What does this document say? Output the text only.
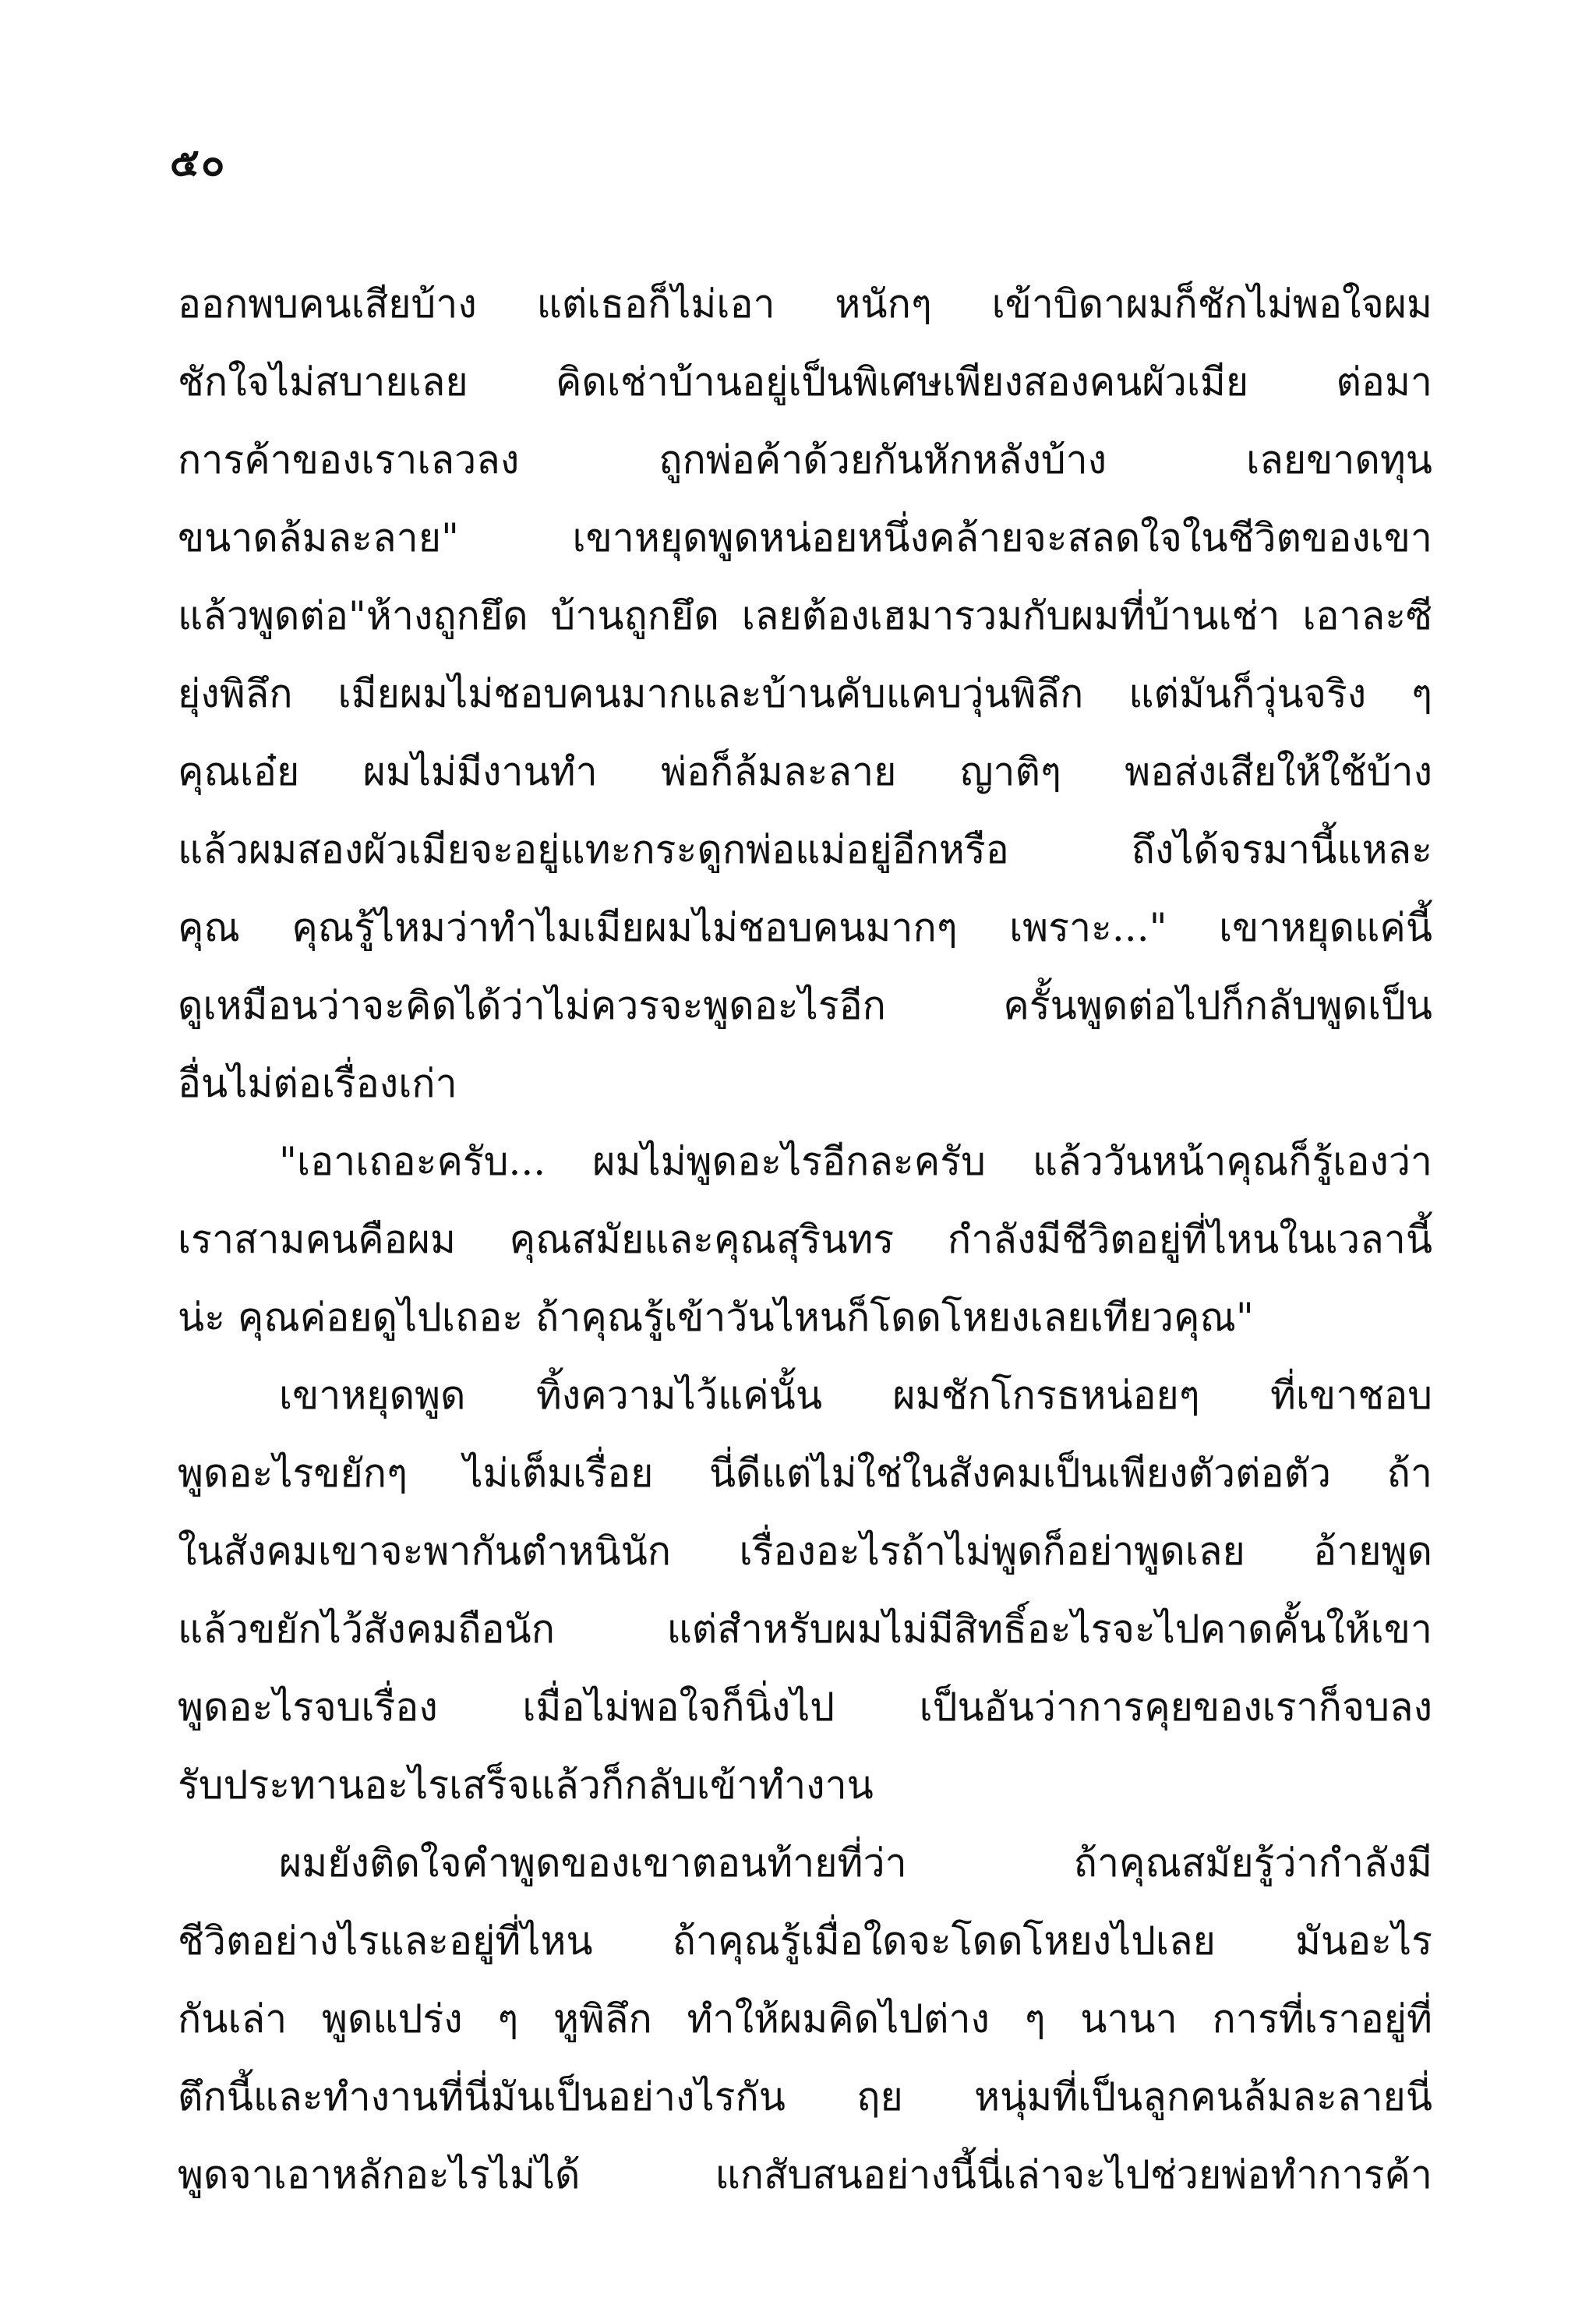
๕๐
ออกพบคนเสียบ้าง แต่เธอก็ไม่เอา หนักๆ เข้าบิดาผมก็ชักไม่พอใจผม
ชักใจไม่สบายเลย คิดเช่าบ้านอยู่เป็นพิเศษเพียงสองคนผัวเมีย ต่อมา
การค้าของเราเลวลง ถูกพ่อค้าด้วยกันหักหลังบ้าง เลยขาดทุน
ขนาดล้มละลาย" เขาหยุดพูดหน่อยหนึ่งคล้ายจะสลดใจในชีวิตของเขา
แล้วพูดต่อ"ห้างถูกยึด บ้านถูกยึด เลยต้องเฮมารวมกับผมที่บ้านเช่า เอาละซี
ยุ่งพิลึก เมียผมไม่ชอบคนมากและบ้านคับแคบวุ่นพิลึก แต่มันก็วุ่นจริง ๆ
คุณเอ๋ย ผมไม่มีงานทำ พ่อก็ล้มละลาย ญาติๆ พอส่งเสียให้ใช้บ้าง
แล้วผมสองผัวเมียจะอยู่แทะกระดูกพ่อแม่อยู่อีกหรือ ถึงได้จรมานี้แหละ
คุณ คุณรู้ไหมว่าทำไมเมียผมไม่ชอบคนมากๆ เพราะ..." เขาหยุดแค่นี้
ดูเหมือนว่าจะคิดได้ว่าไม่ควรจะพูดอะไรอีก ครั้นพูดต่อไปก็กลับพูดเป็น
อื่นไม่ต่อเรื่องเก่า
"เอาเถอะครับ... ผมไม่พูดอะไรอีกละครับ แล้ววันหน้าคุณก็รู้เองว่า
เราสามคนคือผม คุณสมัยและคุณสุรินทร กำลังมีชีวิตอยู่ที่ไหนในเวลานี้
น่ะ คุณค่อยดูไปเถอะ ถ้าคุณรู้เข้าวันไหนก็โดดโหยงเลยเทียวคุณ"
เขาหยุดพูด ทิ้งความไว้แค่นั้น ผมชักโกรธหน่อยๆ ที่เขาชอบ
พูดอะไรขยักๆ ไม่เต็มเรื่อย นี่ดีแต่ไม่ใช่ในสังคมเป็นเพียงตัวต่อตัว ถ้า
ในสังคมเขาจะพากันตำหนินัก เรื่องอะไรถ้าไม่พูดก็อย่าพูดเลย อ้ายพูด
แล้วขยักไว้สังคมถือนัก แต่สำหรับผมไม่มีสิทธิ์อะไรจะไปคาดคั้นให้เขา
พูดอะไรจบเรื่อง เมื่อไม่พอใจก็นิ่งไป เป็นอันว่าการคุยของเราก็จบลง
รับประทานอะไรเสร็จแล้วก็กลับเข้าทำงาน
ผมยังติดใจคำพูดของเขาตอนท้ายที่ว่า ถ้าคุณสมัยรู้ว่ากำลังมี
ชีวิตอย่างไรและอยู่ที่ไหน ถ้าคุณรู้เมื่อใดจะโดดโหยงไปเลย มันอะไร
กันเล่า พูดแปร่ง ๆ หูพิลึก ทำให้ผมคิดไปต่าง ๆ นานา การที่เราอยู่ที่
ตึกนี้และทำงานที่นี่มันเป็นอย่างไรกัน ฤย หนุ่มที่เป็นลูกคนล้มละลายนี่
พูดจาเอาหลักอะไรไม่ได้ แกสับสนอย่างนี้นี่เล่าจะไปช่วยพ่อทำการค้า
